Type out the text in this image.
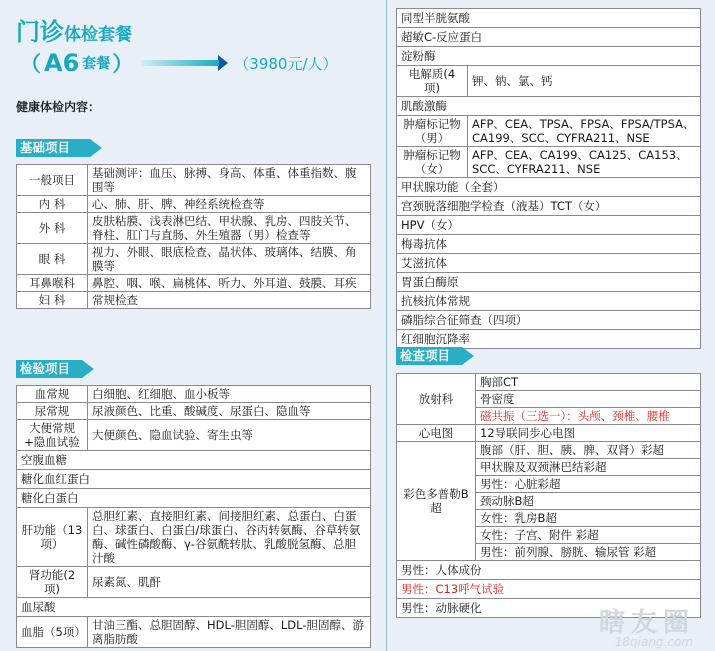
门诊体检套餐
（ A6 套餐 ）	（3980元/人）
健康体检内容：
基础项目
一般项目	基础测评：血压、脉搏、身高、体重、体重指数、腹围等
内 科	心、肺、肝、脾、神经系统检查等
外 科	皮肤粘膜、浅表淋巴结、甲状腺、乳房、四肢关节、脊柱、肛门与直肠、外生殖器（男）检查等
眼 科	视力、外眼、眼底检查、晶状体、玻璃体、结膜、角膜等
耳鼻喉科	鼻腔、咽、喉、扁桃体、听力、外耳道、鼓膜、耳疾
妇 科	常规检查
检验项目
血常规	白细胞、红细胞、血小板等
尿常规	尿液颜色、比重、酸碱度、尿蛋白、隐血等
大便常规+隐血试验	大便颜色、隐血试验、寄生虫等
空腹血糖	
糖化血红蛋白	
糖化白蛋白	
肝功能（13项）	总胆红素、直接胆红素、间接胆红素、总蛋白、白蛋白、球蛋白、白蛋白/球蛋白、谷丙转氨酶、谷草转氨酶、碱性磷酸酶、γ-谷氨酰转肽、乳酸脱氢酶、总胆汁酸
肾功能(2项)	尿素氮、肌酐
血尿酸	
血脂（5项）	甘油三酯、总胆固醇、HDL-胆固醇、LDL-胆固醇、游离脂肪酸
同型半胱氨酸	
超敏C-反应蛋白	
淀粉酶	
电解质(4项)	钾、钠、氯、钙
肌酸激酶	
肿瘤标记物（男）	AFP、CEA、TPSA、FPSA、FPSA/TPSA、CA199、SCC、CYFRA211、NSE
肿瘤标记物（女）	AFP、CEA、CA199、CA125、CA153、SCC、CYFRA211、NSE
甲状腺功能（全套）	
宫颈脱落细胞学检查（液基）TCT（女）	
HPV（女）	
梅毒抗体	
艾滋抗体	
胃蛋白酶原	
抗核抗体常规	
磷脂综合征筛查（四项）	
红细胞沉降率	
检查项目
放射科	胸部CT
	骨密度
	磁共振（三选一）：头颅、颈椎、腰椎
心电图	12导联同步心电图
彩色多普勒B超	腹部（肝、胆、胰、脾、双肾）彩超
	甲状腺及双颈淋巴结彩超
	男性：心脏彩超
	颈动脉B超
	女性：乳房B超
	女性：子宫、附件 彩超
	男性：前列腺、膀胱、输尿管 彩超
男性：人体成份	
男性：C13呼气试验	
男性：动脉硬化		瞎友圈
18qiang.com
